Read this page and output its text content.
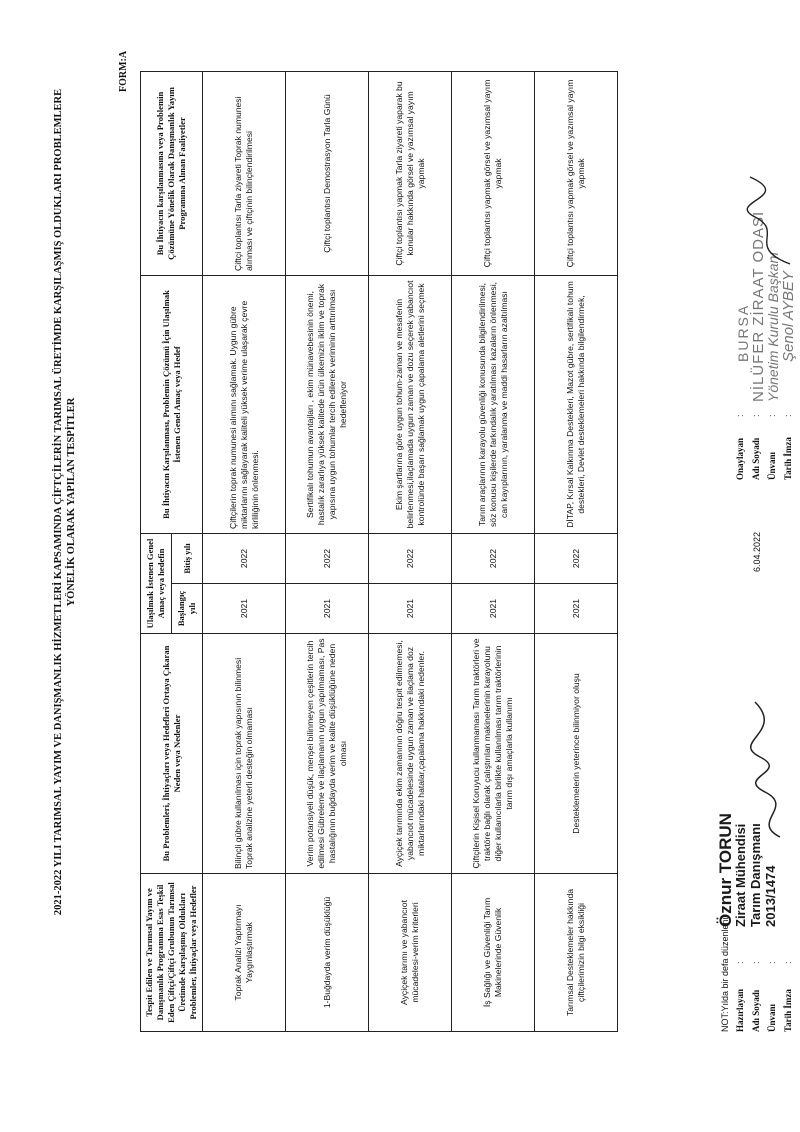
2021-2022 YILI TARIMSAL YAYIM VE DANIŞMANLIK HİZMETLERİ KAPSAMINDA ÇİFTÇİLERİN TARIMSAL ÜRETİMDE KARŞILAŞMIŞ OLDUKLARI PROBLEMLERE YÖNELİK OLARAK YAPILAN TESPİTLER
FORM:A
Tespit Edilen ve Tarımsal Yayım ve Danışmanlık Programına Esas Teşkil Eden Çiftçi/Çiftçi Grubunun Tarımsal Üretimde Karşılaşmış Oldukları Problemler, İhtiyaçlar veya Hedefler	Bu Problemleri, İhtiyaçları veya Hedefleri Ortaya Çıkaran Neden veya Nedenler	Ulaşılmak İstenen Genel Amaç veya hedefin		Bu İhtiyacın Karşılanması, Problemin Çözümü İçin Ulaşılmak İstenen Genel Amaç veya Hedef	Bu İhtiyacın karşılanmasına veya Problemin Çözümüne Yönelik Olarak Danışmanlık Yayım Programına Alınan Faaliyetler
		Başlangıç yılı	Bitiş yılı		
Toprak Analizi Yaptırmayı Yaygınlaştırmak	Bilinçli gübre kullanılması için toprak yapısının bilinmesi Toprak analizine yeterli desteğin olmaması	2021	2022	Çiftçilerin toprak numunesi alımını sağlamak. Uygun gübre miktarlarını sağlayarak kaliteli yüksek verime ulaşarak çevre kirliliğinin önlenmesi.	Çiftçi toplantısı Tarla ziyareti Toprak numunesi alınması ve çiftçinin bilinçlendirilmesi
1-Buğdayda verim düşüklüğü	Verim potansiyeli düşük, menşei bilinmeyen çeşitlerin tercih edilmesi Gübreleme ve ilaçlamanın uygun yapılmaması, Pas hastalığının buğdayda verim ve kalite düşüklüğüne neden olması	2021	2022	Sertifikalı tohumun avantajları , ekim münavebesinin önemi, hastalık zararlıya yüksek kalitede ürün ülkemizin iklim ve toprak yapısına uygun tohumlar tercih edilerek veriminin arttırılması hedefleniyor	Çiftçi toplantısı Demostrasyon Tarla Günü
Ayçiçek tarımı ve yabancıot mücadelesi-verim kriterleri	Ayçiçek tarımında ekim zamanının doğru tespit edilmemesi, yabancıot mücadelesinde uygun zaman ve ilaçlama doz miktarlarındaki hatalar,çapalama hakkındaki nedenler.	2021	2022	Ekim şartlarına göre uygun tohum-zaman ve mesafenin belirlenmesi,ilaçlamada uygun zaman ve dozu seçerek yabancıot kontrolünde başarı sağlamak uygun çapalama aletlerini seçmek	Çiftçi toplantısı yapmak Tarla ziyareti yaparak bu konular hakkında görsel ve yazımsal yayım yapmak
İş Sağlığı ve Güvenliği Tarım Makinelerinde Güvenlik	Çiftçilerin Kişisel Koruyucu kullanmaması Tarım traktörleri ve traktöre bağlı olarak çalıştırılan makinelerinin karayolunu diğer kullanıcılarla birlikte kullanılması tarım traktörlerinin tarım dışı amaçlarla kullanımı	2021	2022	Tarım araçlarının karayolu güvenliği konusunda bilgilendirilmesi, söz konusu kişilerde farkındalık yaratılması kazaların önlenmesi, can kayıplarının, yaralanma ve maddi hasarların azaltılması	Çiftçi toplantısı yapmak görsel ve yazımsal yayım yapmak
Tarımsal Desteklemeler hakkında çiftçilerimizin bilgi eksikliği	Desteklemelerin yeterince bilinmiyor oluşu	2021	2022	DİTAP, Kırsal Kalkınma Destekleri, Mazot gübre, sertifikalı tohum destekleri, Devlet desteklemeleri hakkında bilgilendirmek,	Çiftçi toplantısı yapmak görsel ve yazımsal yayım yapmak
NOT:Yılda bir defa düzenlenir Hazırlayan
:
Adı Soyadı
:
Ünvanı
:
Tarih İmza
:
Öznur TORUN
Ziraat Mühendisi Tarım Danışmanı 2013/1474
6.04.2022
Onaylayan
:
Adı Soyadı
:
Ünvanı
:
Tarih İmza
:
BURSA NİLÜFER ZİRAAT ODASI
Yönetim Kurulu Başkanı Şenol AYBEY
